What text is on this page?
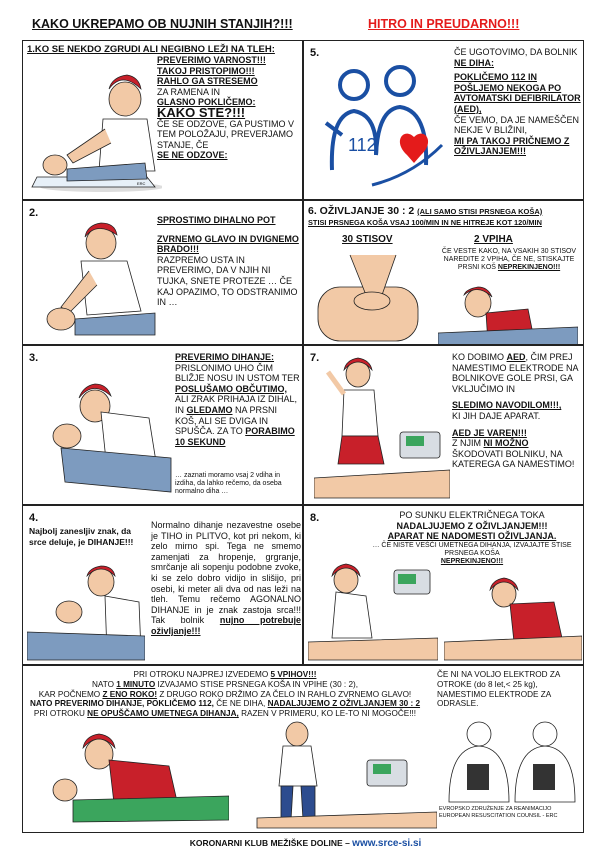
KAKO UKREPAMO OB NUJNIH STANJIH?!!!	HITRO IN PREUDARNO!!!
1.KO SE NEKDO ZGRUDI ALI NEGIBNO LEŽI NA TLEH:
ERC
PREVERIMO VARNOST!!!
TAKOJ PRISTOPIMO!!!
RAHLO GA STRESEMO
ZA RAMENA IN
GLASNO POKLIČEMO:
KAKO STE?!!!
ČE SE ODZOVE, GA PUSTIMO V TEM POLOŽAJU, PREVERJAMO STANJE, ČE
SE NE ODZOVE:
5.
112
ČE UGOTOVIMO, DA BOLNIK NE DIHA:
POKLIČEMO 112 IN POŠLJEMO NEKOGA PO AVTOMATSKI DEFIBRILATOR (AED),
ČE VEMO, DA JE NAMEŠČEN NEKJE V BLIŽINI,
MI PA TAKOJ PRIČNEMO Z OŽIVLJANJEM!!!
2.
SPROSTIMO DIHALNO POT
ZVRNEMO GLAVO IN DVIGNEMO BRADO!!!
RAZPREMO USTA IN PREVERIMO, DA V NJIH NI TUJKA, SNETE PROTEZE … ČE KAJ OPAZIMO, TO ODSTRANIMO IN …
6. OŽIVLJANJE 30 : 2 (ALI SAMO STISI PRSNEGA KOŠA)
STISI PRSNEGA KOŠA VSAJ 100/MIN IN NE HITREJE KOT 120/MIN
30 STISOV	2 VPIHA
ČE VESTE KAKO, NA VSAKIH 30 STISOV NAREDITE 2 VPIHA, ČE NE, STISKAJTE PRSNI KOŠ NEPREKINJENO!!!
3.	PREVERIMO DIHANJE:
PRISLONIMO UHO ČIM BLIŽJE NOSU IN USTOM TER POSLUŠAMO OBČUTIMO, ALI ZRAK PRIHAJA IZ DIHAL, IN GLEDAMO NA PRSNI KOŠ, ALI SE DVIGA IN SPUŠČA. ZA TO PORABIMO 10 SEKUND
… zaznati moramo vsaj 2 vdiha in izdiha, da lahko rečemo, da oseba normalno diha …
7.	KO DOBIMO AED, ČIM PREJ NAMESTIMO ELEKTRODE NA BOLNIKOVE GOLE PRSI, GA VKLJUČIMO IN
SLEDIMO NAVODILOM!!!,
KI JIH DAJE APARAT.
AED JE VAREN!!!
Z NJIM NI MOŽNO ŠKODOVATI BOLNIKU, NA KATEREGA GA NAMESTIMO!
4.
Najbolj zanesljiv znak, da srce deluje, je DIHANJE!!!
Normalno dihanje nezavestne osebe je TIHO in PLITVO, kot pri nekom, ki zelo mirno spi. Tega ne smemo zamenjati za hropenje, grgranje, smrčanje ali sopenju podobne zvoke, ki se zelo dobro vidijo in slišijo, pri osebi, ki meter ali dva od nas leži na tleh. Temu rečemo AGONALNO DIHANJE in je znak zastoja srca!!! Tak bolnik nujno potrebuje oživljanje!!!
8.	PO SUNKU ELEKTRIČNEGA TOKA
NADALJUJEMO Z OŽIVLJANJEM!!!
APARAT NE NADOMESTI OŽIVLJANJA.
… ČE NISTE VEŠČI UMETNEGA DIHANJA, IZVAJAJTE STISE PRSNEGA KOŠA
NEPREKINJENO!!!
PRI OTROKU NAJPREJ IZVEDEMO 5 VPIHOV!!!
NATO 1 MINUTO IZVAJAMO STISE PRSNEGA KOŠA IN VPIHE (30 : 2),
KAR POČNEMO Z ENO ROKO! Z DRUGO ROKO DRŽIMO ZA ČELO IN RAHLO ZVRNEMO GLAVO!
NATO PREVERIMO DIHANJE, POKLIČEMO 112, ČE NE DIHA, NADALJUJEMO Z OŽIVLJANJEM 30 : 2
PRI OTROKU NE OPUŠČAMO UMETNEGA DIHANJA, RAZEN V PRIMERU, KO LE-TO NI MOGOČE!!!
ČE NI NA VOLJO ELEKTROD ZA OTROKE (do 8 let,< 25 kg), NAMESTIMO ELEKTRODE ZA ODRASLE.
EVROPSKO ZDRUŽENJE ZA REANIMACIJO EUROPEAN RESUSCITATION COUNSIL - ERC
KORONARNI KLUB MEŽIŠKE DOLINE – www.srce-si.si
